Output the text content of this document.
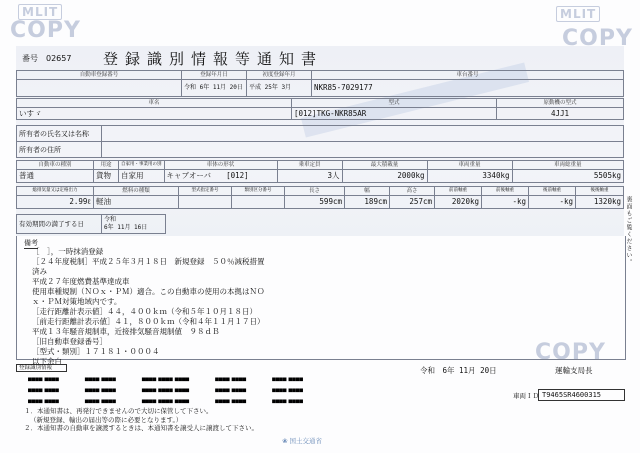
MLIT
COPY
MLIT
COPY
COPY
番号　 02657 登録識別情報等通知書
自動車登録番号	登録年月日	初度登録年月	車台番号
	令和 6年 11月 20日	平成 25年 3月	NKR85-7029177
車名	型式	原動機の型式
いすゞ	[012]TKG-NKR85AR	4JJ1
所有者の氏名又は名称	
所有者の住所	
自動車の種別	用途	自家用・事業用の別	車体の形状	乗車定員	最大積載量	車両重量	車両総重量
普通	貨物	自家用	キャブオーバ　　 [012]	3人	2000kg	3340kg	5505kg
総排気量又は定格出力	燃料の種類	型式指定番号	類別区分番号	長さ	幅	高さ	前前軸重	前後軸重	後前軸重	後後軸重
2.99ℓ	軽油			599cm	189cm	257cm	2020kg	-kg	-kg	1320kg
有効期間の満了する日	令和
6年 11月 16日
備考
［　］，一時抹消登録
［２４年度税制］平成２５年３月１８日　新規登録　５０％減税措置
済み
平成２７年度燃費基準達成車
使用車種規制（ＮＯｘ・ＰＭ）適合。この自動車の使用の本拠はＮＯ
ｘ・ＰＭ対策地域内です。
［走行距離計表示値］４４，４００ｋｍ（令和５年１０月１８日）
［前走行距離計表示値］４１，８００ｋｍ（令和４年１１月１７日）
平成１３年騒音規制車，近接排気騒音規制値　９８ｄＢ
［旧自動車登録番号］
［型式・類別］１７１８１・０００４
以下余白
令和　6年 11月 20日	運輸支局長
登録識別情報
■■■■ ■■■■	■■■■ ■■■■	■■■■ ■■■■ ■■■■	■■■■ ■■■■	■■■■ ■■■■
■■■■ ■■■■	■■■■ ■■■■	■■■■ ■■■■ ■■■■	■■■■ ■■■■	■■■■ ■■■■
■■■■ ■■■■	■■■■ ■■■■	■■■■ ■■■■ ■■■■	■■■■ ■■■■	■■■■ ■■■■
車両ＩＤ T9465SR4600315
１．本通知書は、再発行できませんので大切に保管して下さい。
（新規登録、輸出の届出等の際に必要となります。）
２．本通知書の自動車を譲渡するときは、本通知書を譲受人に譲渡して下さい。
❀ 国土交通省
裏面もご覧ください。
